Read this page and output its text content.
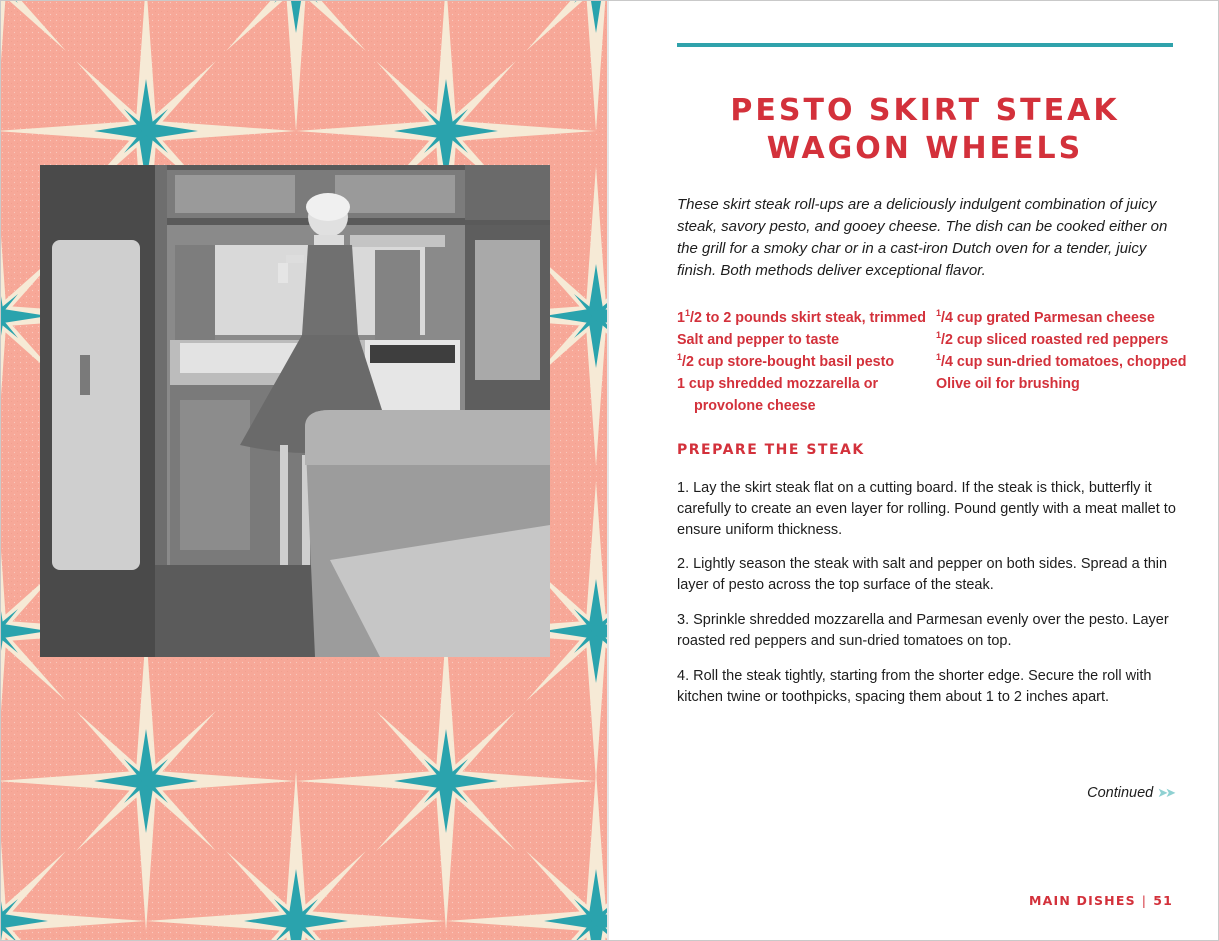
PESTO SKIRT STEAK
WAGON WHEELS
These skirt steak roll-ups are a deliciously indulgent combination of juicy steak, savory pesto, and gooey cheese. The dish can be cooked either on the grill for a smoky char or in a cast-iron Dutch oven for a tender, juicy finish. Both methods deliver exceptional flavor.
$1^1/2$ to 2 pounds skirt steak, trimmed
Salt and pepper to taste
$^1$/2 cup store-bought basil pesto
1 cup shredded mozzarella or
provolone cheese
$^1$/4 cup grated Parmesan cheese
$^1$/2 cup sliced roasted red peppers
$^1$/4 cup sun-dried tomatoes, chopped
Olive oil for brushing
PREPARE THE STEAK
1. Lay the skirt steak flat on a cutting board. If the steak is thick, butterfly it carefully to create an even layer for rolling. Pound gently with a meat mallet to ensure uniform thickness.
2. Lightly season the steak with salt and pepper on both sides. Spread a thin layer of pesto across the top surface of the steak.
3. Sprinkle shredded mozzarella and Parmesan evenly over the pesto. Layer roasted red peppers and sun-dried tomatoes on top.
4. Roll the steak tightly, starting from the shorter edge. Secure the roll with kitchen twine or toothpicks, spacing them about 1 to 2 inches apart.
Continued ➤➤
MAIN DISHES | 51
